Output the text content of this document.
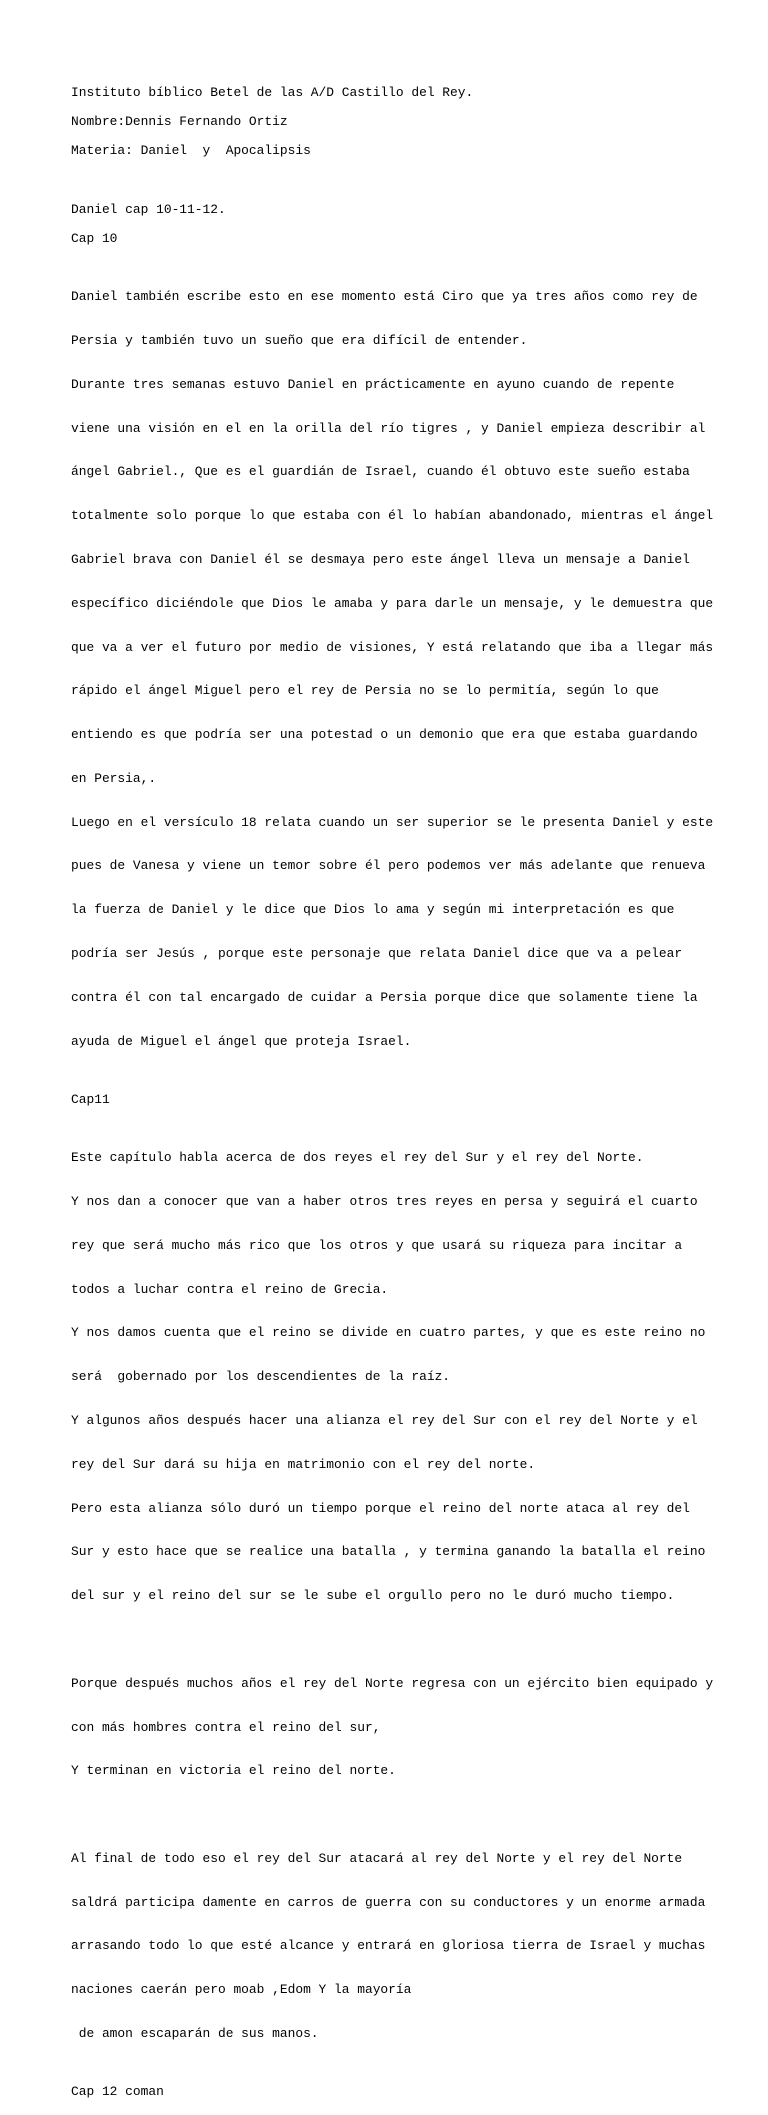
Instituto bíblico Betel de las A/D Castillo del Rey.
Nombre:Dennis Fernando Ortiz
Materia: Daniel  y  Apocalipsis
Daniel cap 10-11-12.
Cap 10

Daniel también escribe esto en ese momento está Ciro que ya tres años como rey de

Persia y también tuvo un sueño que era difícil de entender.

Durante tres semanas estuvo Daniel en prácticamente en ayuno cuando de repente

viene una visión en el en la orilla del río tigres , y Daniel empieza describir al

ángel Gabriel., Que es el guardián de Israel, cuando él obtuvo este sueño estaba

totalmente solo porque lo que estaba con él lo habían abandonado, mientras el ángel

Gabriel brava con Daniel él se desmaya pero este ángel lleva un mensaje a Daniel

específico diciéndole que Dios le amaba y para darle un mensaje, y le demuestra que

que va a ver el futuro por medio de visiones, Y está relatando que iba a llegar más

rápido el ángel Miguel pero el rey de Persia no se lo permitía, según lo que

entiendo es que podría ser una potestad o un demonio que era que estaba guardando

en Persia,.

Luego en el versículo 18 relata cuando un ser superior se le presenta Daniel y este

pues de Vanesa y viene un temor sobre él pero podemos ver más adelante que renueva

la fuerza de Daniel y le dice que Dios lo ama y según mi interpretación es que

podría ser Jesús , porque este personaje que relata Daniel dice que va a pelear

contra él con tal encargado de cuidar a Persia porque dice que solamente tiene la

ayuda de Miguel el ángel que proteja Israel.

Cap11

Este capítulo habla acerca de dos reyes el rey del Sur y el rey del Norte.

Y nos dan a conocer que van a haber otros tres reyes en persa y seguirá el cuarto

rey que será mucho más rico que los otros y que usará su riqueza para incitar a

todos a luchar contra el reino de Grecia.

Y nos damos cuenta que el reino se divide en cuatro partes, y que es este reino no

será  gobernado por los descendientes de la raíz.

Y algunos años después hacer una alianza el rey del Sur con el rey del Norte y el

rey del Sur dará su hija en matrimonio con el rey del norte.

Pero esta alianza sólo duró un tiempo porque el reino del norte ataca al rey del

Sur y esto hace que se realice una batalla , y termina ganando la batalla el reino

del sur y el reino del sur se le sube el orgullo pero no le duró mucho tiempo.

Porque después muchos años el rey del Norte regresa con un ejército bien equipado y

con más hombres contra el reino del sur,

Y terminan en victoria el reino del norte.

Al final de todo eso el rey del Sur atacará al rey del Norte y el rey del Norte

saldrá participa damente en carros de guerra con su conductores y un enorme armada

arrasando todo lo que esté alcance y entrará en gloriosa tierra de Israel y muchas

naciones caerán pero moab ,Edom Y la mayoría

de amon escaparán de sus manos.

Cap 12 coman
